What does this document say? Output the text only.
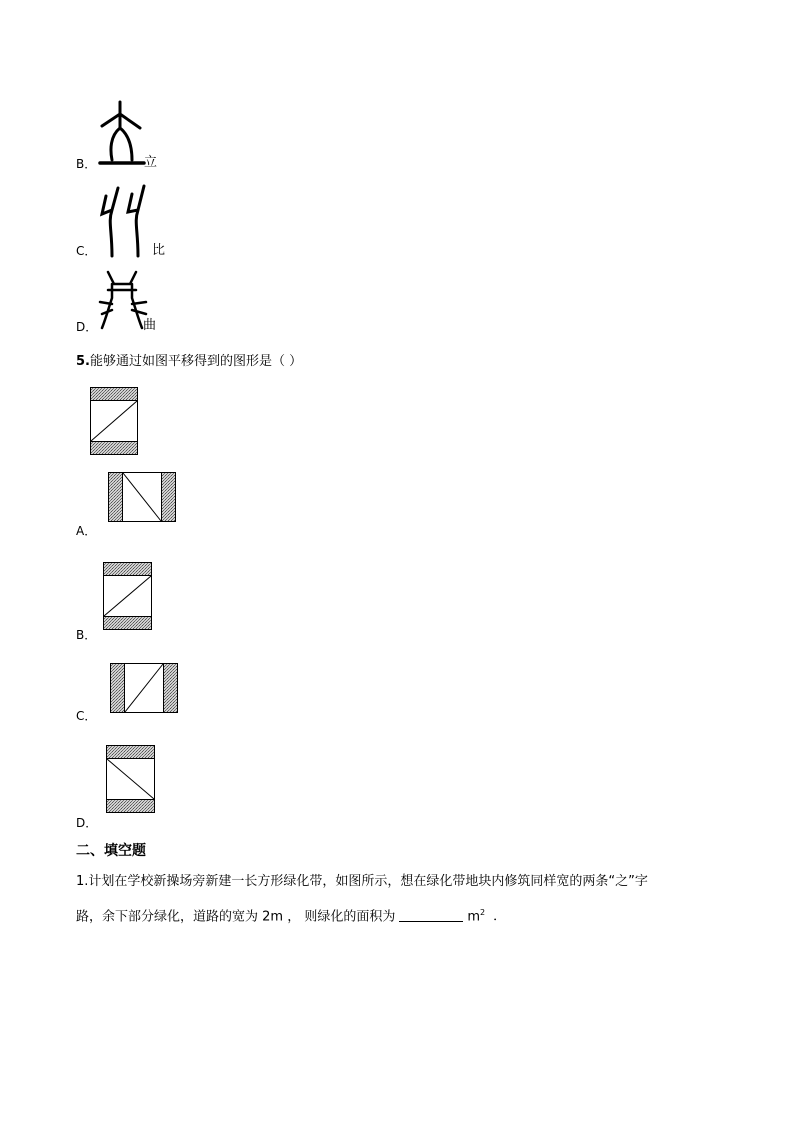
B．	立
C．	比
D．	曲
5.能够通过如图平移得到的图形是（ ）
A．
B．
C．
D．
二、填空题
1.计划在学校新操场旁新建一长方形绿化带，如图所示，想在绿化带地块内修筑同样宽的两条“之”字
路，余下部分绿化，道路的宽为 2m ， 则绿化的面积为	$m^2$ ．
